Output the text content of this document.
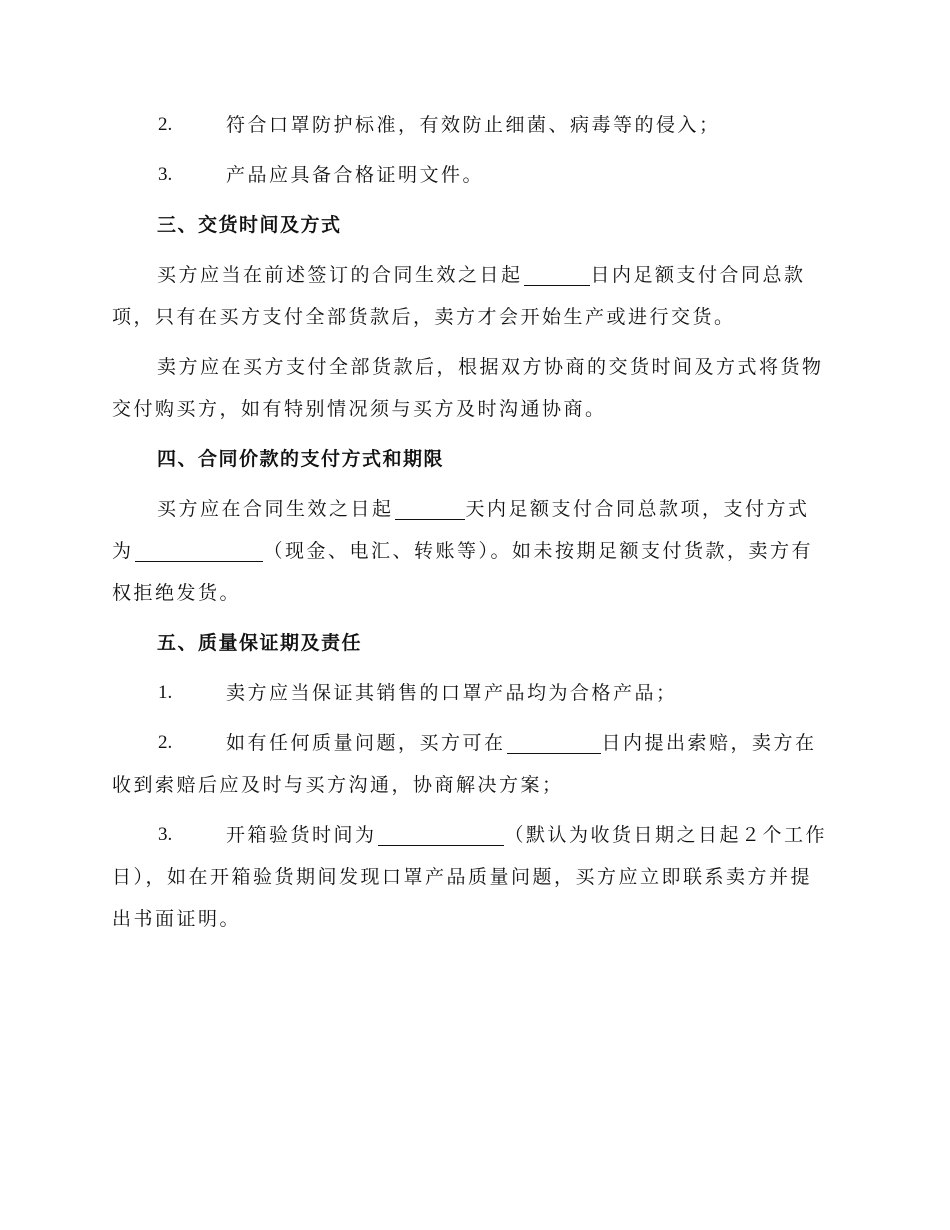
2.	符合口罩防护标准，有效防止细菌、病毒等的侵入；
3.	产品应具备合格证明文件。
三、交货时间及方式
买方应当在前述签订的合同生效之日起	日内足额支付合同总款
项，只有在买方支付全部货款后，卖方才会开始生产或进行交货。
卖方应在买方支付全部货款后，根据双方协商的交货时间及方式将货物
交付购买方，如有特别情况须与买方及时沟通协商。
四、合同价款的支付方式和期限
买方应在合同生效之日起	天内足额支付合同总款项，支付方式
为	（现金、电汇、转账等）。如未按期足额支付货款，卖方有
权拒绝发货。
五、质量保证期及责任
1.	卖方应当保证其销售的口罩产品均为合格产品；
2.	如有任何质量问题，买方可在	日内提出索赔，卖方在
收到索赔后应及时与买方沟通，协商解决方案；
3.	开箱验货时间为	（默认为收货日期之日起２个工作
日），如在开箱验货期间发现口罩产品质量问题，买方应立即联系卖方并提
出书面证明。
